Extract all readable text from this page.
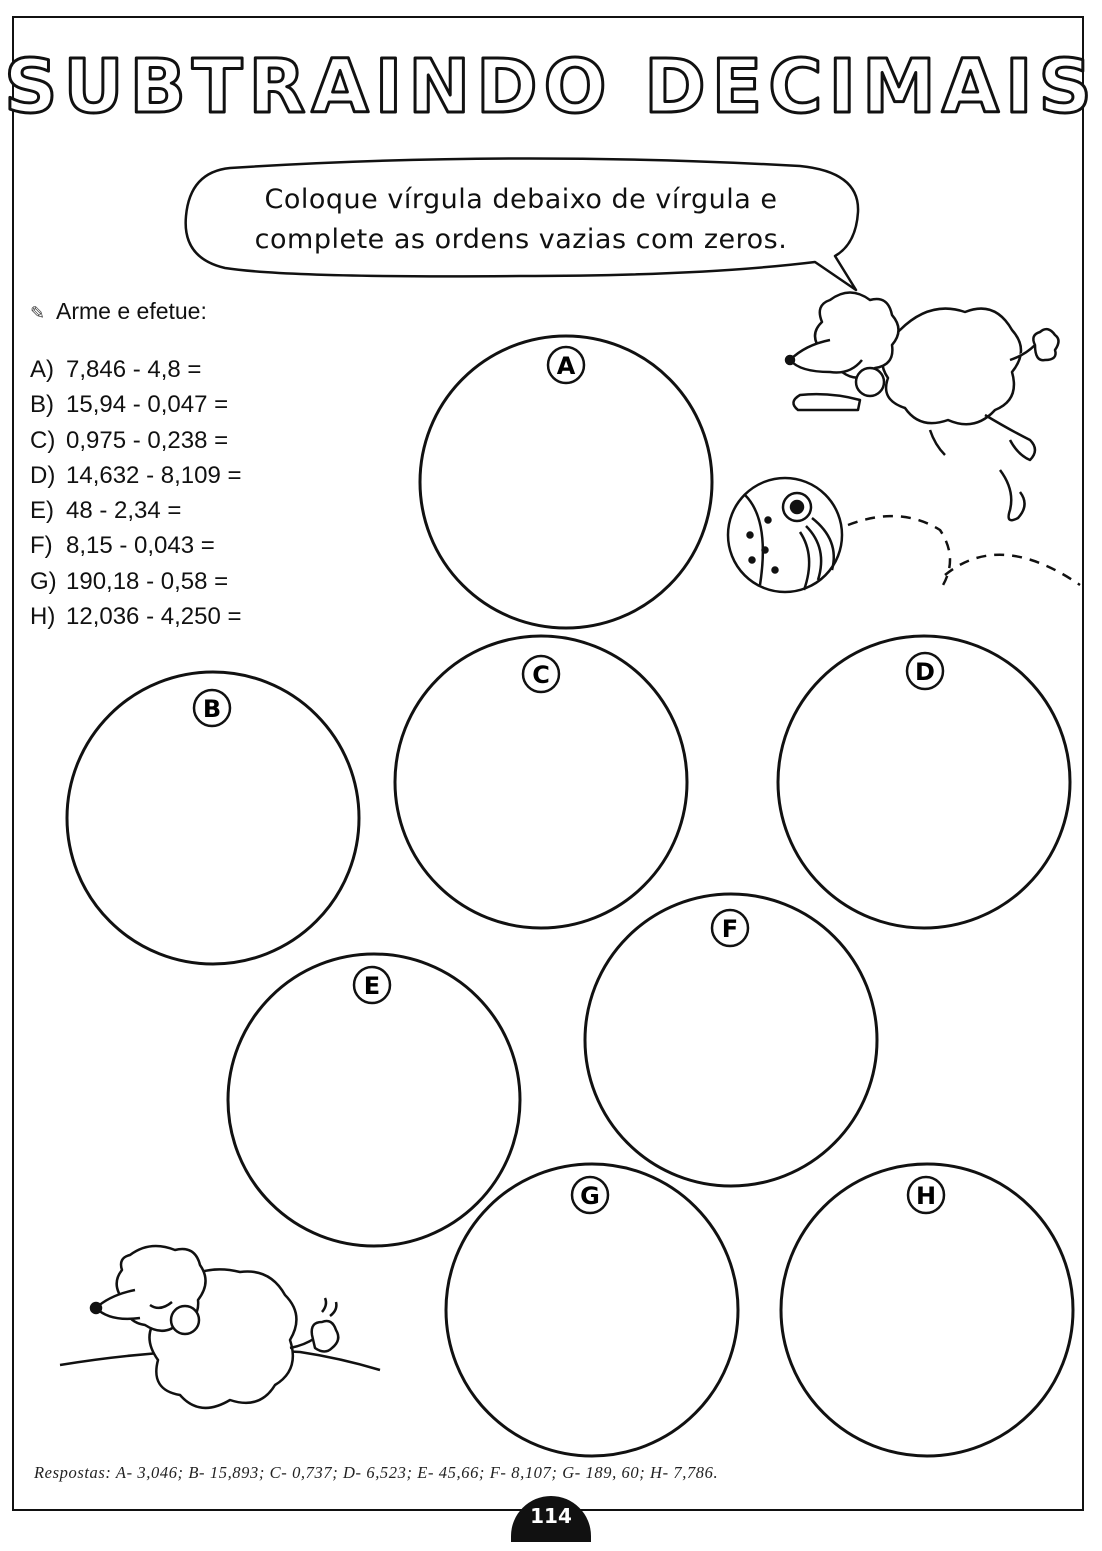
SUBTRAINDO DECIMAIS
Coloque vírgula debaixo de vírgula e
complete as ordens vazias com zeros.
✎ Arme e efetue:
A) 7,846 - 4,8 =
B) 15,94 - 0,047 =
C) 0,975 - 0,238 =
D) 14,632 - 8,109 =
E) 48 - 2,34 =
F) 8,15 - 0,043 =
G) 190,18 - 0,58 =
H) 12,036 - 4,250 =
A
B
C	D
E
F
G	H
Respostas: A- 3,046; B- 15,893; C- 0,737; D- 6,523; E- 45,66; F- 8,107; G- 189, 60; H- 7,786.
114
